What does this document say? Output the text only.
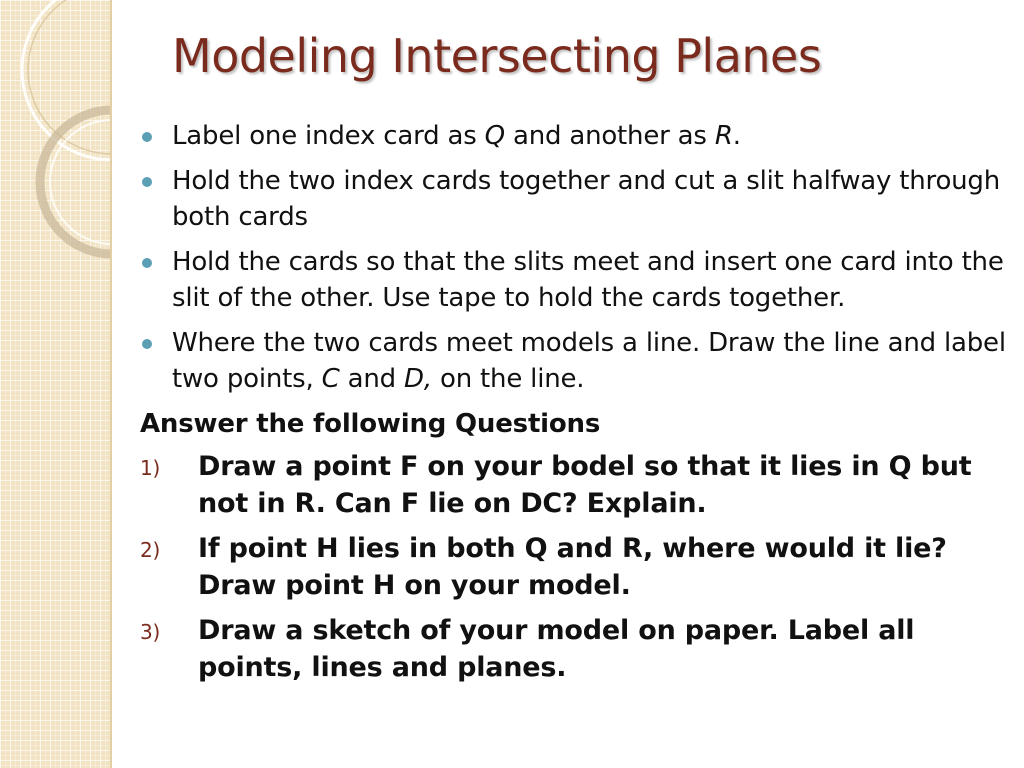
Modeling Intersecting Planes
Label one index card as Q and another as R.
Hold the two index cards together and cut a slit halfway through both cards
Hold the cards so that the slits meet and insert one card into the slit of the other. Use tape to hold the cards together.
Where the two cards meet models a line. Draw the line and label two points, C and D, on the line.
Answer the following Questions
1) Draw a point F on your bodel so that it lies in Q but not in R. Can F lie on DC? Explain.
2) If point H lies in both Q and R, where would it lie? Draw point H on your model.
3) Draw a sketch of your model on paper. Label all points, lines and planes.
